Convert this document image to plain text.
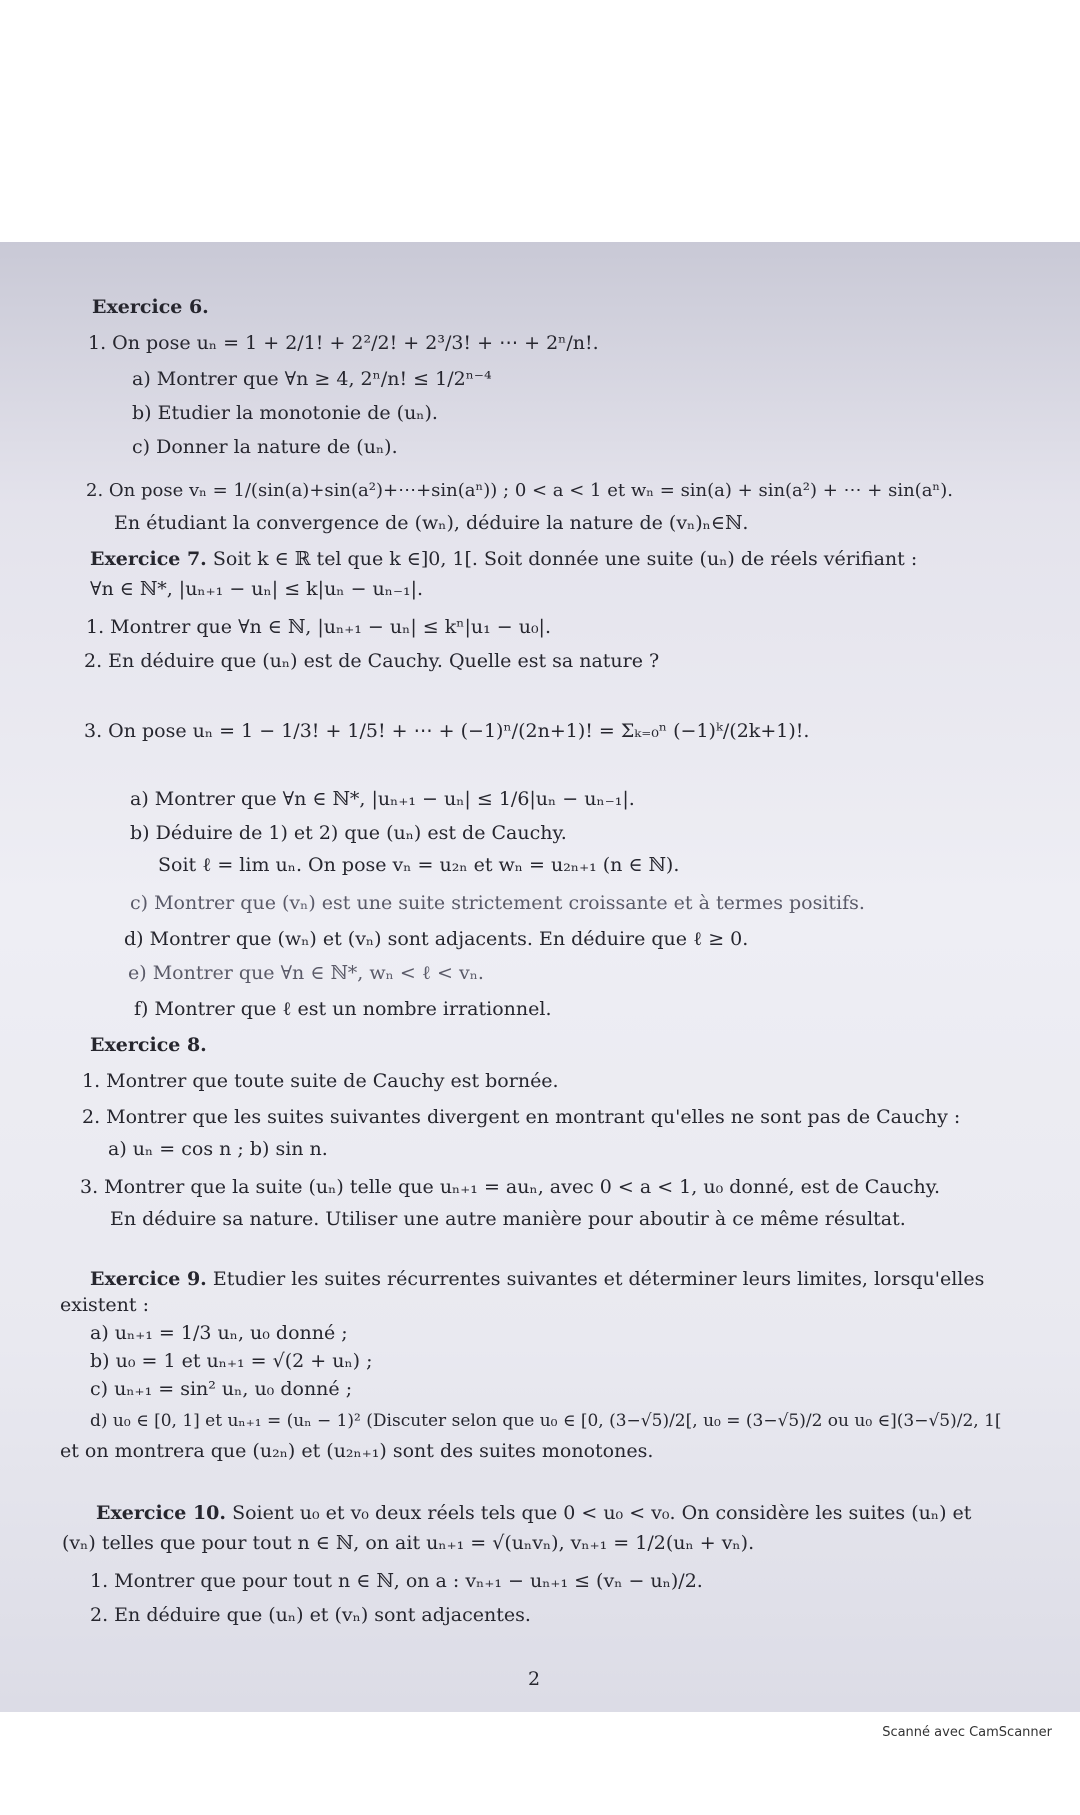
Exercice 6.
1. On pose uₙ = 1 + 2/1! + 2²/2! + 2³/3! + ⋯ + 2ⁿ/n!.
a) Montrer que ∀n ≥ 4, 2ⁿ/n! ≤ 1/2ⁿ⁻⁴
b) Etudier la monotonie de (uₙ).
c) Donner la nature de (uₙ).
2. On pose vₙ = 1/(sin(a)+sin(a²)+⋯+sin(aⁿ)) ; 0 < a < 1 et wₙ = sin(a) + sin(a²) + ⋯ + sin(aⁿ).
En étudiant la convergence de (wₙ), déduire la nature de (vₙ)ₙ∈ℕ.
Exercice 7. Soit k ∈ ℝ tel que k ∈]0, 1[. Soit donnée une suite (uₙ) de réels vérifiant :
∀n ∈ ℕ*, |uₙ₊₁ − uₙ| ≤ k|uₙ − uₙ₋₁|.
1. Montrer que ∀n ∈ ℕ, |uₙ₊₁ − uₙ| ≤ kⁿ|u₁ − u₀|.
2. En déduire que (uₙ) est de Cauchy. Quelle est sa nature ?
3. On pose uₙ = 1 − 1/3! + 1/5! + ⋯ + (−1)ⁿ/(2n+1)! = Σₖ₌₀ⁿ (−1)ᵏ/(2k+1)!.
a) Montrer que ∀n ∈ ℕ*, |uₙ₊₁ − uₙ| ≤ 1/6|uₙ − uₙ₋₁|.
b) Déduire de 1) et 2) que (uₙ) est de Cauchy.
Soit ℓ = lim uₙ. On pose vₙ = u₂ₙ et wₙ = u₂ₙ₊₁ (n ∈ ℕ).
c) Montrer que (vₙ) est une suite strictement croissante et à termes positifs.
d) Montrer que (wₙ) et (vₙ) sont adjacents. En déduire que ℓ ≥ 0.
e) Montrer que ∀n ∈ ℕ*, wₙ < ℓ < vₙ.
f) Montrer que ℓ est un nombre irrationnel.
Exercice 8.
1. Montrer que toute suite de Cauchy est bornée.
2. Montrer que les suites suivantes divergent en montrant qu'elles ne sont pas de Cauchy :
a) uₙ = cos n ; b) sin n.
3. Montrer que la suite (uₙ) telle que uₙ₊₁ = auₙ, avec 0 < a < 1, u₀ donné, est de Cauchy.
En déduire sa nature. Utiliser une autre manière pour aboutir à ce même résultat.
Exercice 9. Etudier les suites récurrentes suivantes et déterminer leurs limites, lorsqu'elles
existent :
a) uₙ₊₁ = 1/3 uₙ, u₀ donné ;
b) u₀ = 1 et uₙ₊₁ = √(2 + uₙ) ;
c) uₙ₊₁ = sin² uₙ, u₀ donné ;
d) u₀ ∈ [0, 1] et uₙ₊₁ = (uₙ − 1)² (Discuter selon que u₀ ∈ [0, (3−√5)/2[, u₀ = (3−√5)/2 ou u₀ ∈](3−√5)/2, 1[
et on montrera que (u₂ₙ) et (u₂ₙ₊₁) sont des suites monotones.
Exercice 10. Soient u₀ et v₀ deux réels tels que 0 < u₀ < v₀. On considère les suites (uₙ) et
(vₙ) telles que pour tout n ∈ ℕ, on ait uₙ₊₁ = √(uₙvₙ), vₙ₊₁ = 1/2(uₙ + vₙ).
1. Montrer que pour tout n ∈ ℕ, on a : vₙ₊₁ − uₙ₊₁ ≤ (vₙ − uₙ)/2.
2. En déduire que (uₙ) et (vₙ) sont adjacentes.
2
Scanné avec CamScanner
